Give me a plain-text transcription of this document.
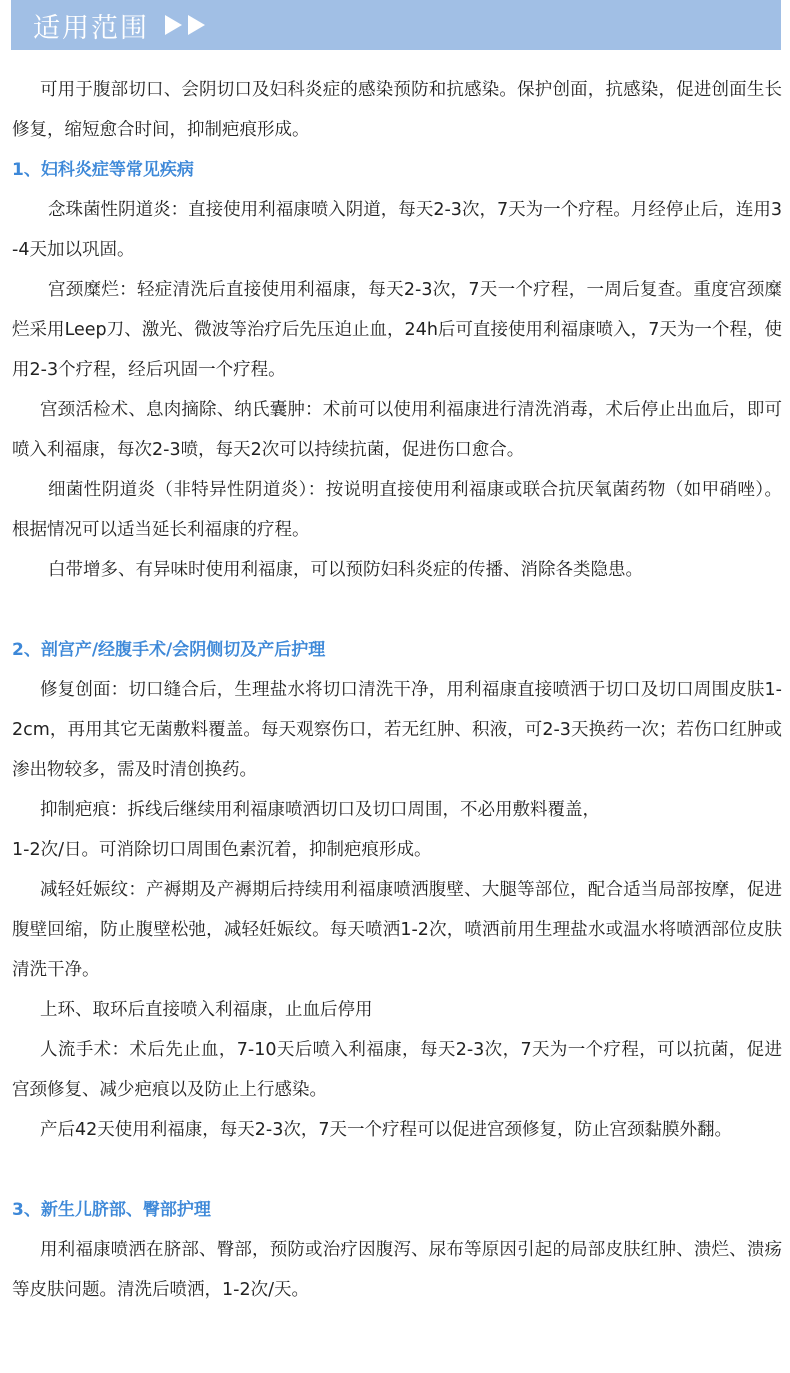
适用范围

可用于腹部切口、会阴切口及妇科炎症的感染预防和抗感染。保护创面，抗感染，促进创面生长修复，缩短愈合时间，抑制疤痕形成。

1、妇科炎症等常见疾病

念珠菌性阴道炎：直接使用利福康喷入阴道，每天2-3次，7天为一个疗程。月经停止后，连用3-4天加以巩固。

宫颈糜烂：轻症清洗后直接使用利福康，每天2-3次，7天一个疗程，一周后复查。重度宫颈糜烂采用Leep刀、激光、微波等治疗后先压迫止血，24h后可直接使用利福康喷入，7天为一个程，使用2-3个疗程，经后巩固一个疗程。

宫颈活检术、息肉摘除、纳氏囊肿：术前可以使用利福康进行清洗消毒，术后停止出血后，即可喷入利福康，每次2-3喷，每天2次可以持续抗菌，促进伤口愈合。

细菌性阴道炎（非特异性阴道炎）：按说明直接使用利福康或联合抗厌氧菌药物（如甲硝唑）。根据情况可以适当延长利福康的疗程。

白带增多、有异味时使用利福康，可以预防妇科炎症的传播、消除各类隐患。

2、剖宫产/经腹手术/会阴侧切及产后护理

修复创面：切口缝合后，生理盐水将切口清洗干净，用利福康直接喷洒于切口及切口周围皮肤1-2cm，再用其它无菌敷料覆盖。每天观察伤口，若无红肿、积液，可2-3天换药一次；若伤口红肿或渗出物较多，需及时清创换药。

抑制疤痕：拆线后继续用利福康喷洒切口及切口周围，不必用敷料覆盖，

1-2次/日。可消除切口周围色素沉着，抑制疤痕形成。

减轻妊娠纹：产褥期及产褥期后持续用利福康喷洒腹壁、大腿等部位，配合适当局部按摩，促进腹壁回缩，防止腹壁松弛，减轻妊娠纹。每天喷洒1-2次，喷洒前用生理盐水或温水将喷洒部位皮肤清洗干净。

上环、取环后直接喷入利福康，止血后停用

人流手术：术后先止血，7-10天后喷入利福康，每天2-3次，7天为一个疗程，可以抗菌，促进宫颈修复、减少疤痕以及防止上行感染。

产后42天使用利福康，每天2-3次，7天一个疗程可以促进宫颈修复，防止宫颈黏膜外翻。

3、新生儿脐部、臀部护理

用利福康喷洒在脐部、臀部，预防或治疗因腹泻、尿布等原因引起的局部皮肤红肿、溃烂、溃疡等皮肤问题。清洗后喷洒，1-2次/天。
